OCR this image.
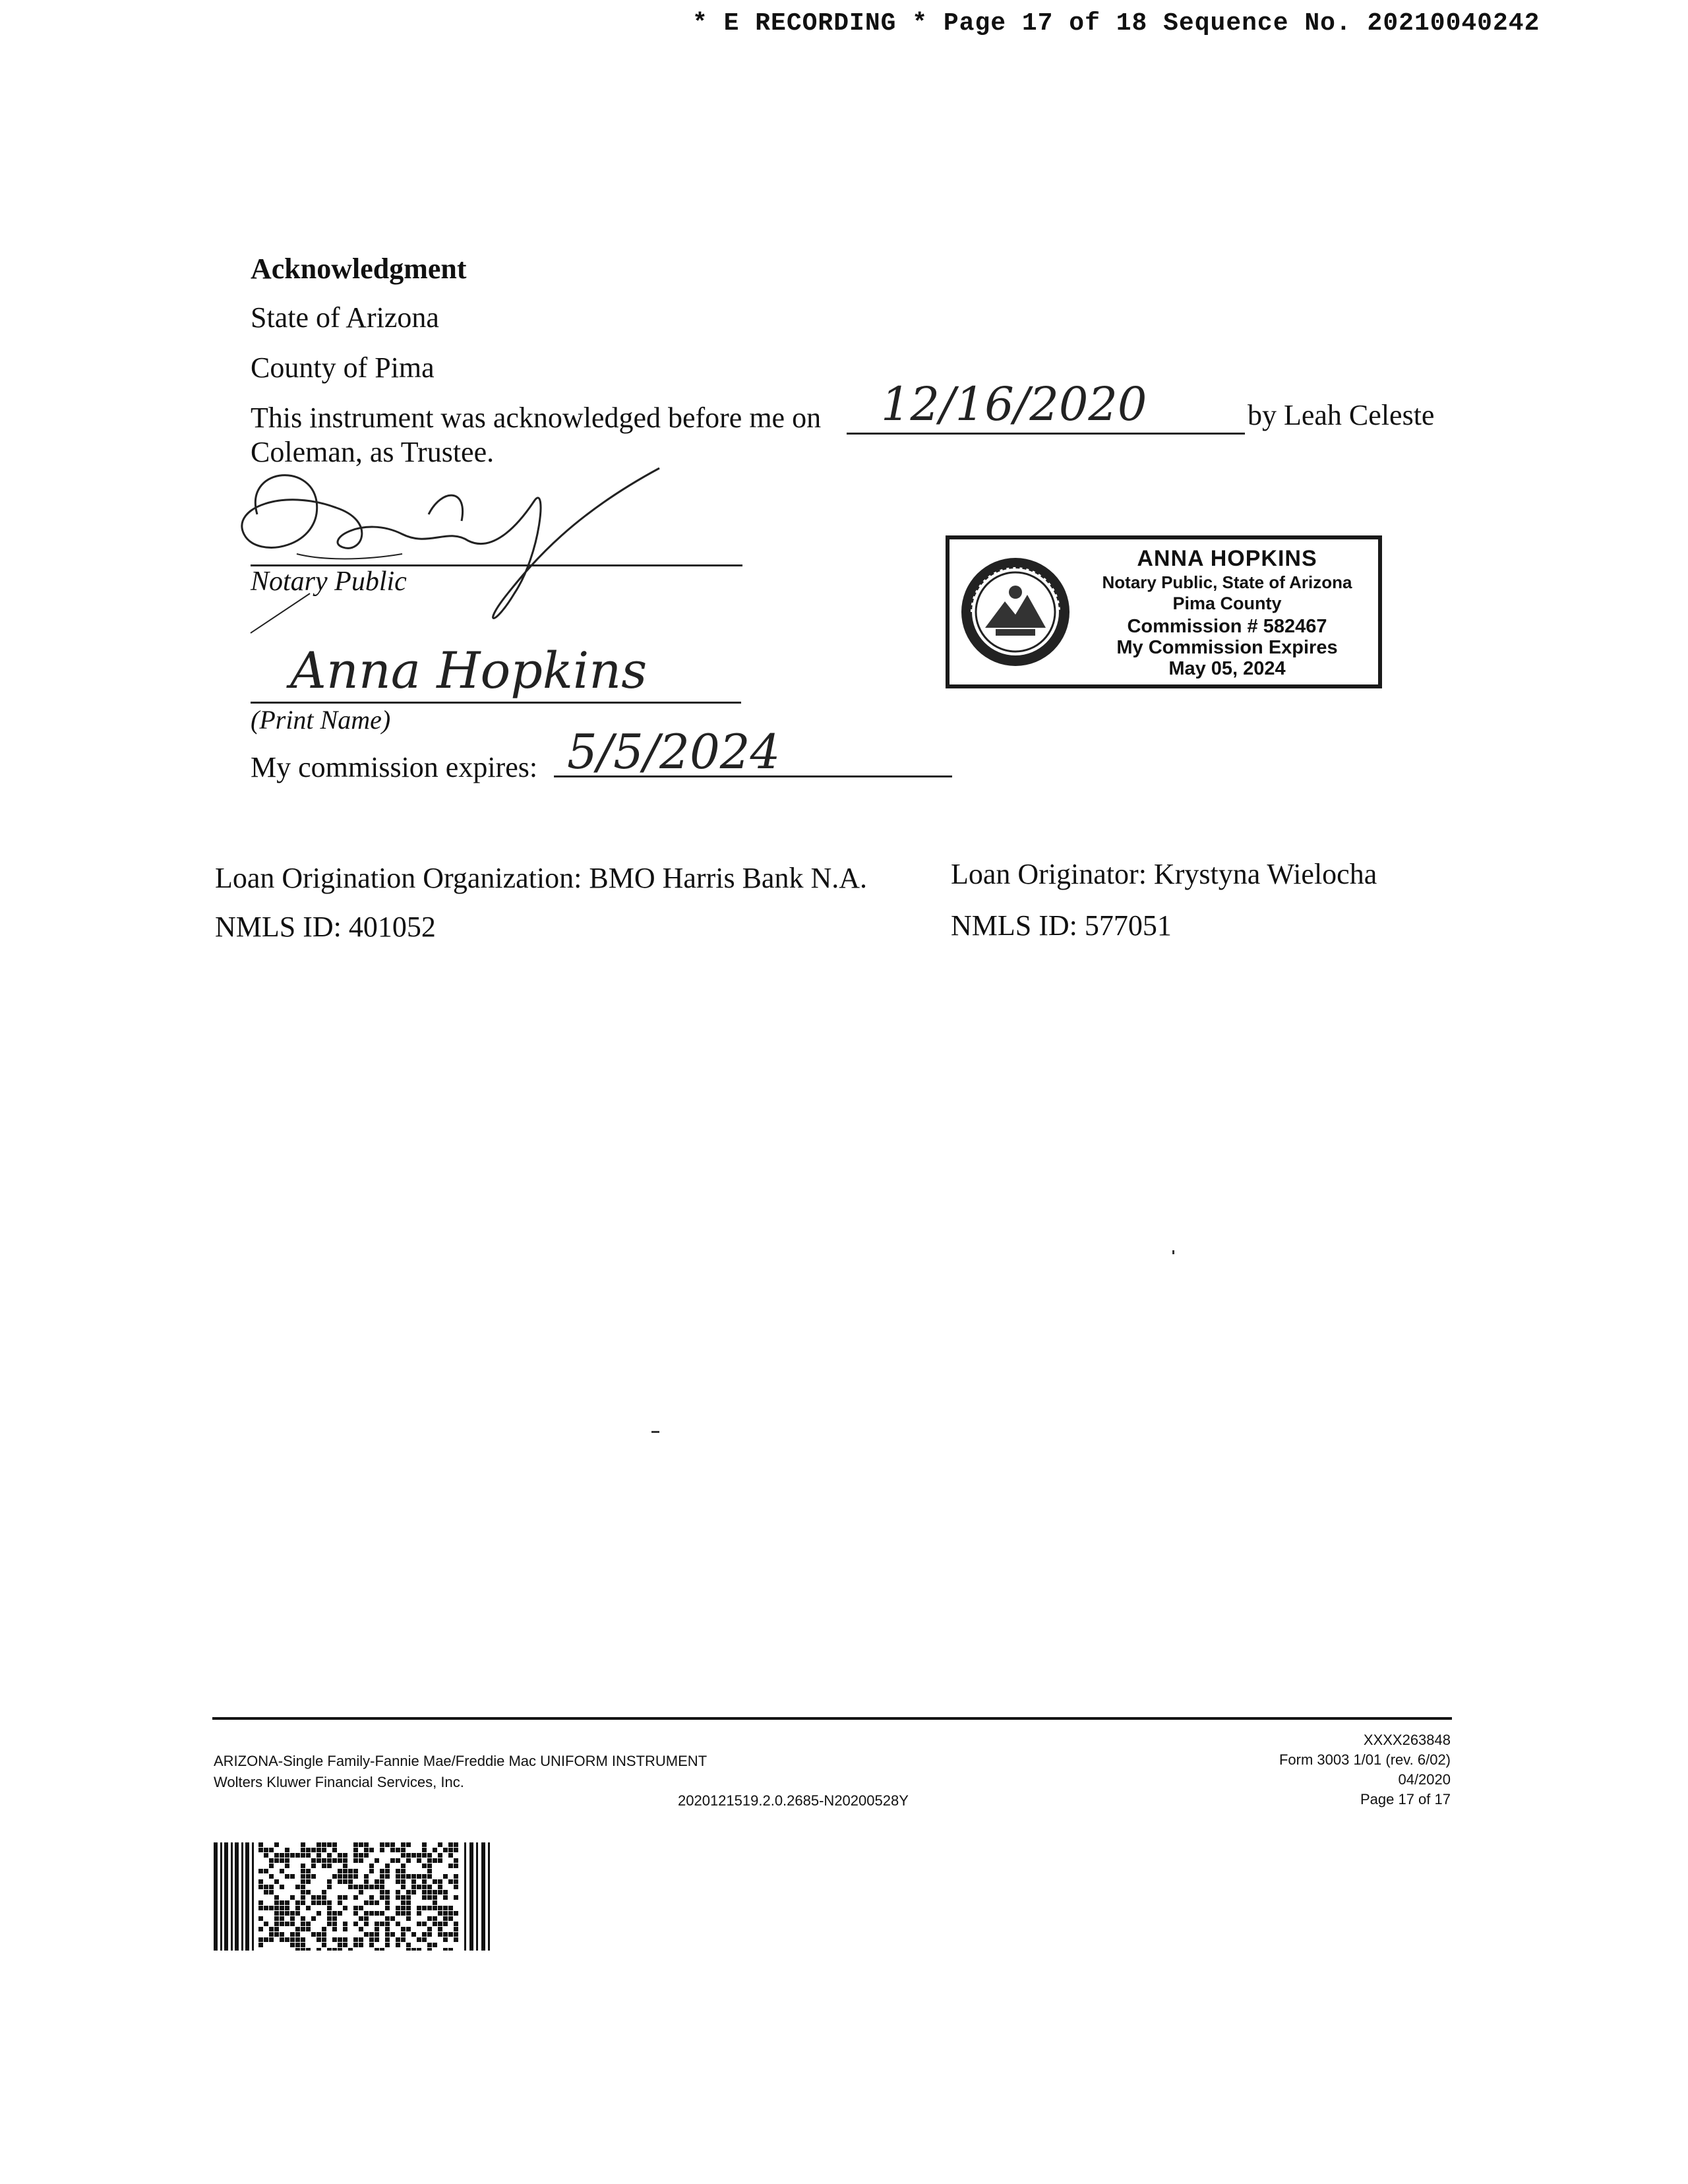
* E RECORDING * Page 17 of 18 Sequence No. 20210040242
Acknowledgment
State of Arizona
County of Pima
This instrument was acknowledged before me on 12/16/2020	by Leah Celeste
Coleman, as Trustee.
Notary Public
Anna Hopkins
(Print Name)
My commission expires: 5/5/2024
ANNA HOPKINS
Notary Public, State of Arizona
Pima County
Commission # 582467
My Commission Expires
May 05, 2024
Loan Origination Organization: BMO Harris Bank N.A.
NMLS ID: 401052
Loan Originator: Krystyna Wielocha
NMLS ID: 577051
ARIZONA-Single Family-Fannie Mae/Freddie Mac UNIFORM INSTRUMENT
Wolters Kluwer Financial Services, Inc.
2020121519.2.0.2685-N20200528Y
XXXX263848
Form 3003 1/01 (rev. 6/02)
04/2020
Page 17 of 17
